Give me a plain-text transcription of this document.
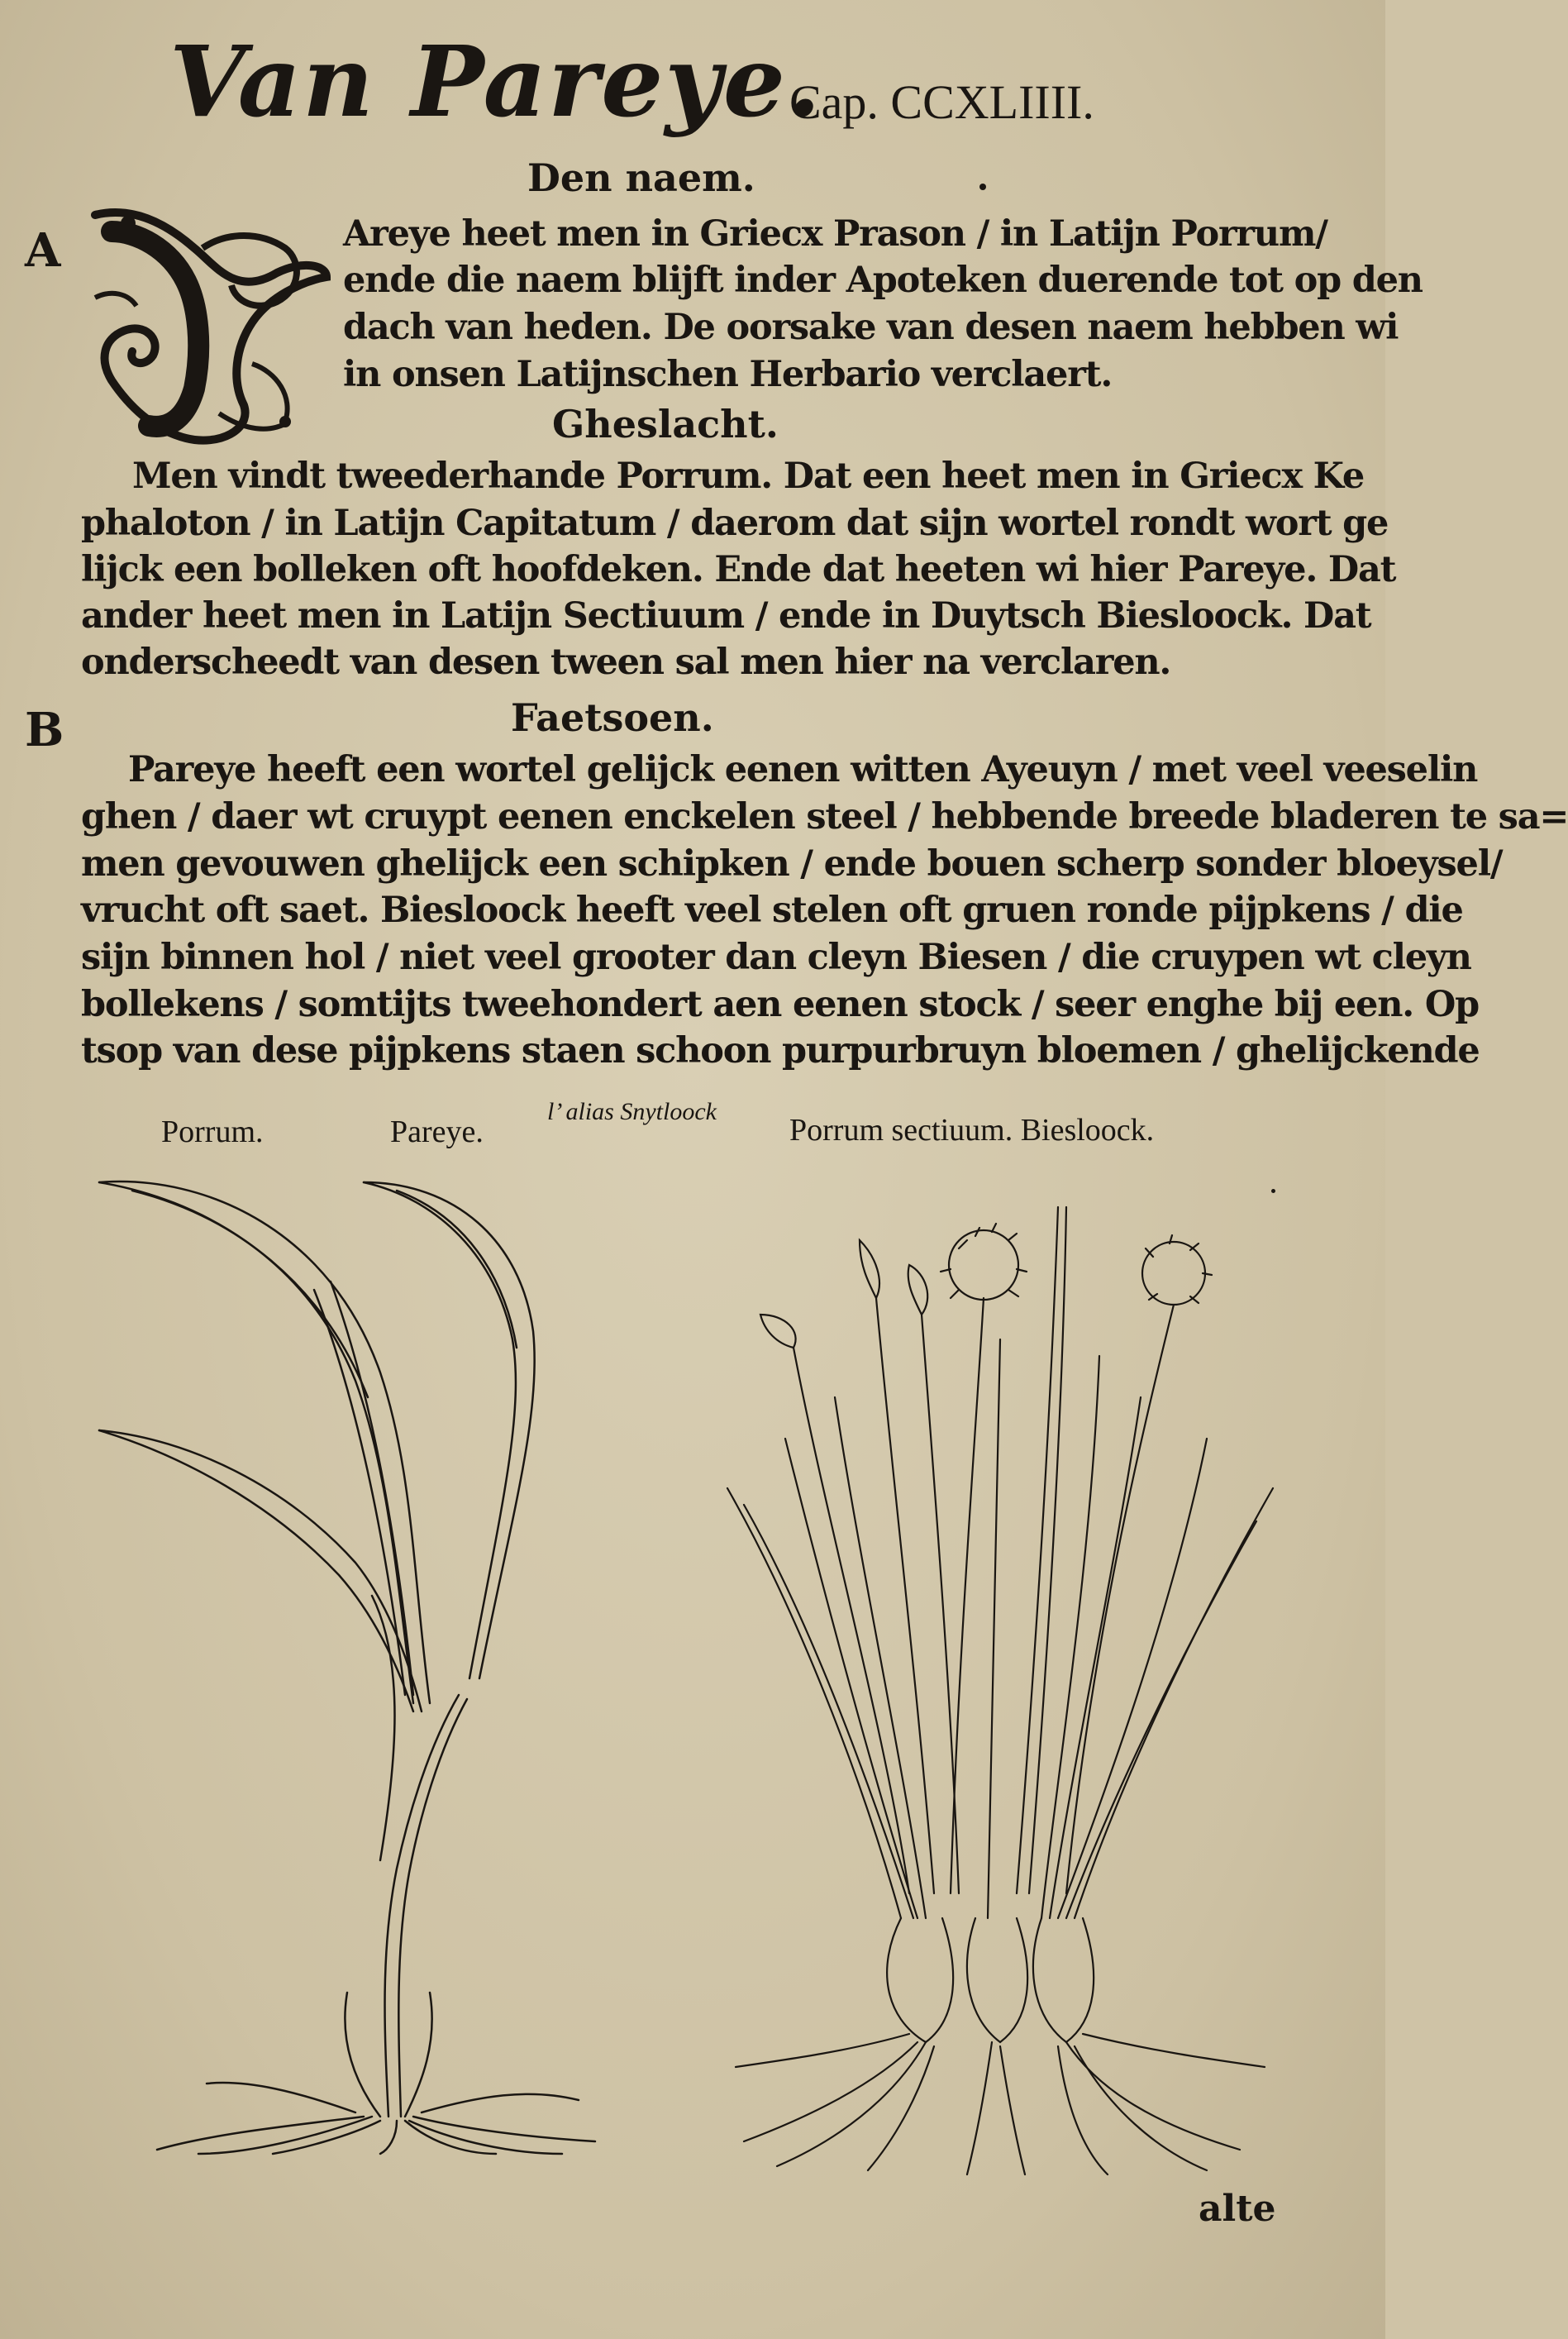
Van Pareye.
Cap. CCXLIIII.
Den naem.
A	Areye heet men in Griecx Prason / in Latijn Porrum/
ende die naem blijft inder Apoteken duerende tot op den
dach van heden. De oorsake van desen naem hebben wi
in onsen Latijnschen Herbario verclaert.
Gheslacht.
Men vindt tweederhande Porrum. Dat een heet men in Griecx Ke
phaloton / in Latijn Capitatum / daerom dat sijn wortel rondt wort ge
lijck een bolleken oft hoofdeken. Ende dat heeten wi hier Pareye. Dat
ander heet men in Latijn Sectiuum / ende in Duytsch Biesloock. Dat
onderscheedt van desen tween sal men hier na verclaren.
B	Faetsoen.
Pareye heeft een wortel gelijck eenen witten Ayeuyn / met veel veeselin
ghen / daer wt cruypt eenen enckelen steel / hebbende breede bladeren te sa=
men gevouwen ghelijck een schipken / ende bouen scherp sonder bloeysel/
vrucht oft saet. Biesloock heeft veel stelen oft gruen ronde pijpkens / die
sijn binnen hol / niet veel grooter dan cleyn Biesen / die cruypen wt cleyn
bollekens / somtijts tweehondert aen eenen stock / seer enghe bij een. Op
tsop van dese pijpkens staen schoon purpurbruyn bloemen / ghelijckende
Porrum.	Pareye.
l’ alias Snytloock
Porrum sectiuum. Biesloock.
alte
